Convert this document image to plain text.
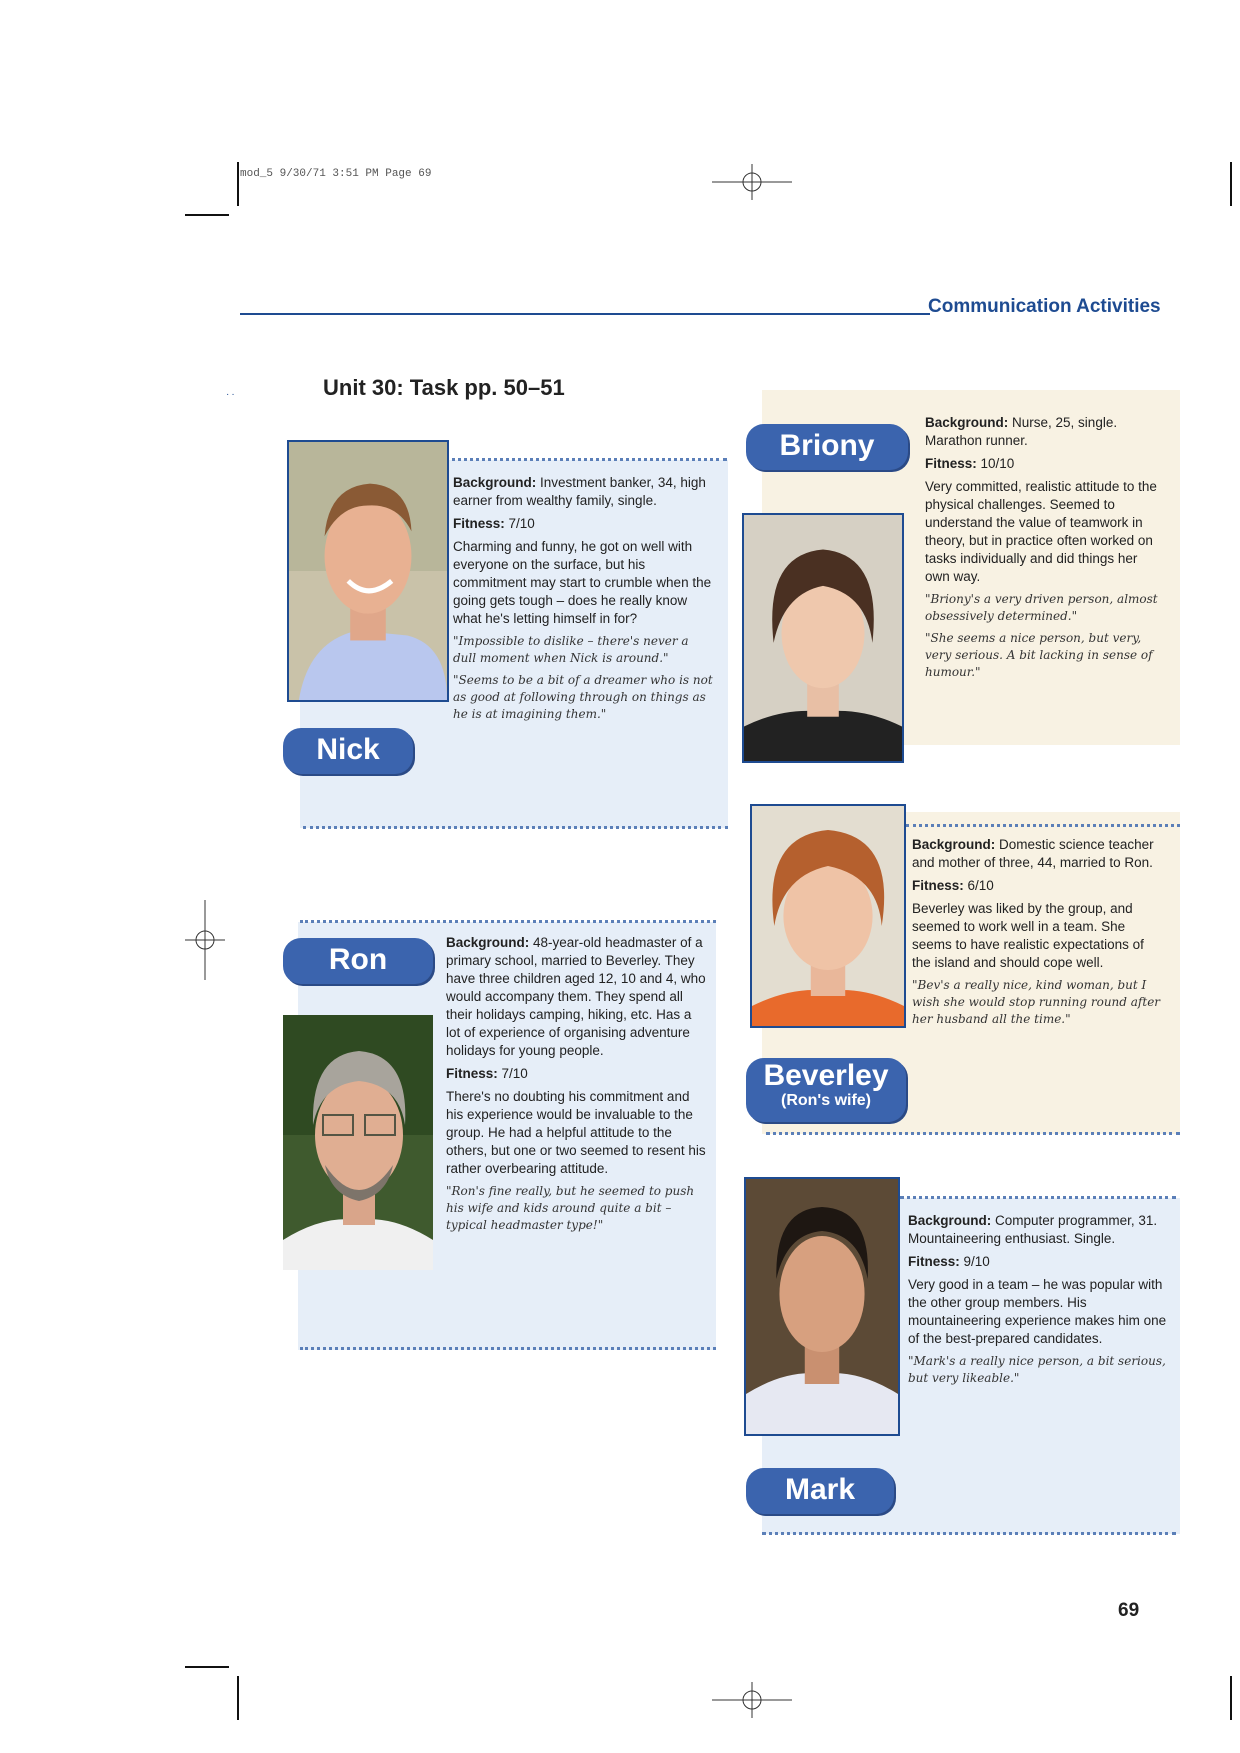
mod_5 9/30/71 3:51 PM Page 69
Communication Activities
··	Unit 30: Task pp. 50–51
Nick

Background: Investment banker, 34, high earner from wealthy family, single.

Fitness: 7/10

Charming and funny, he got on well with everyone on the surface, but his commitment may start to crumble when the going gets tough – does he really know what he's letting himself in for?

"Impossible to dislike – there's never a dull moment when Nick is around."

"Seems to be a bit of a dreamer who is not as good at following through on things as he is at imagining them."

Briony

Background: Nurse, 25, single. Marathon runner.

Fitness: 10/10

Very committed, realistic attitude to the physical challenges. Seemed to understand the value of teamwork in theory, but in practice often worked on tasks individually and did things her own way.

"Briony's a very driven person, almost obsessively determined."

"She seems a nice person, but very, very serious. A bit lacking in sense of humour."

Ron

Background: 48-year-old headmaster of a primary school, married to Beverley. They have three children aged 12, 10 and 4, who would accompany them. They spend all their holidays camping, hiking, etc. Has a lot of experience of organising adventure holidays for young people.

Fitness: 7/10

There's no doubting his commitment and his experience would be invaluable to the group. He had a helpful attitude to the others, but one or two seemed to resent his rather overbearing attitude.

"Ron's fine really, but he seemed to push his wife and kids around quite a bit – typical headmaster type!"

Beverley
(Ron's wife)

Background: Domestic science teacher and mother of three, 44, married to Ron.

Fitness: 6/10

Beverley was liked by the group, and seemed to work well in a team. She seems to have realistic expectations of the island and should cope well.

"Bev's a really nice, kind woman, but I wish she would stop running round after her husband all the time."

Mark

Background: Computer programmer, 31. Mountaineering enthusiast. Single.

Fitness: 9/10

Very good in a team – he was popular with the other group members. His mountaineering experience makes him one of the best-prepared candidates.

"Mark's a really nice person, a bit serious, but very likeable."

69
